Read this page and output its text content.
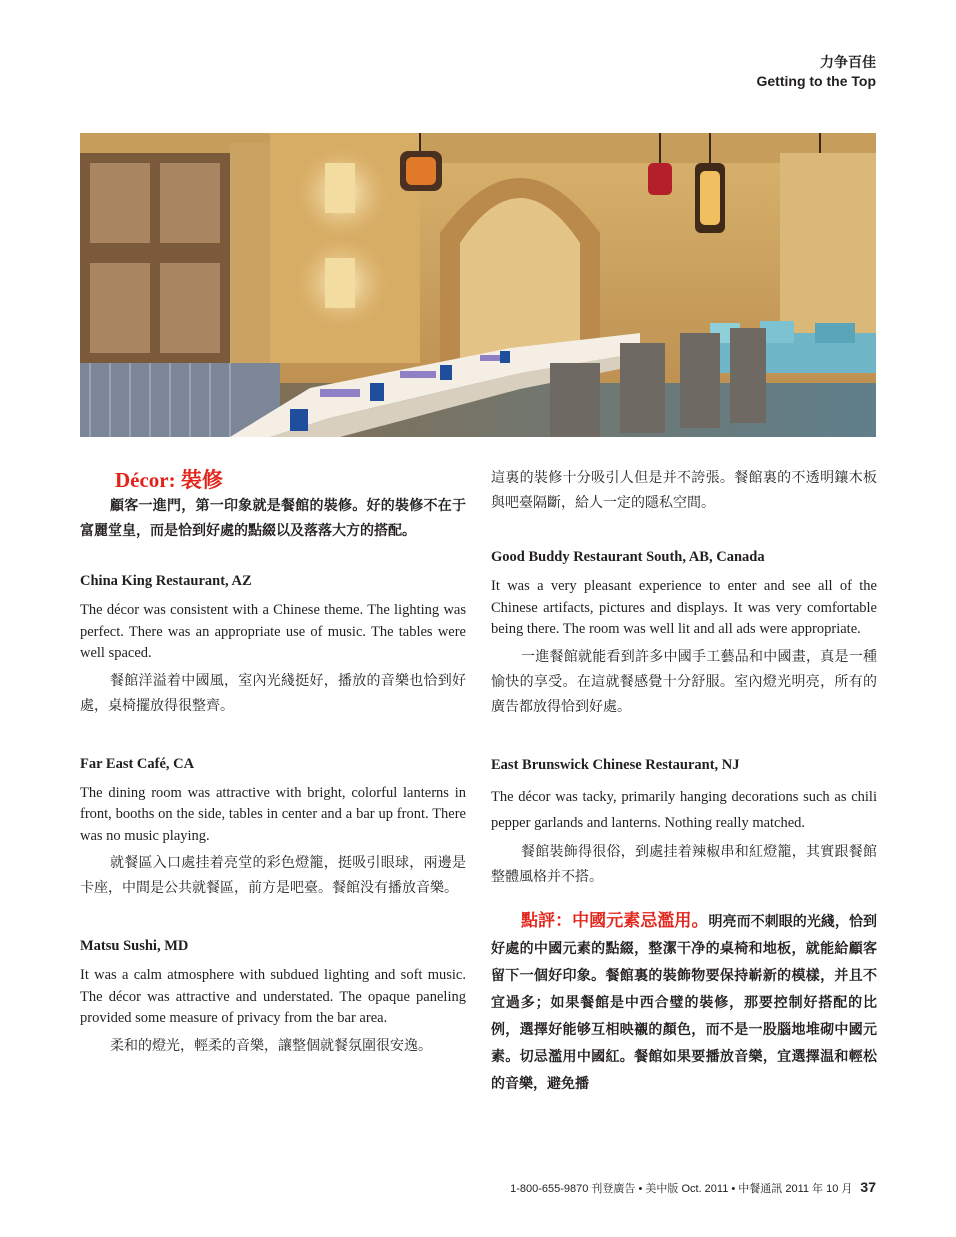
力争百佳
Getting to the Top
Décor: 裝修

顧客一進門，第一印象就是餐館的裝修。好的裝修不在于富麗堂皇，而是恰到好處的點綴以及落落大方的搭配。

China King Restaurant, AZ

The décor was consistent with a Chinese theme. The lighting was perfect. There was an appropriate use of music. The tables were well spaced.

餐館洋溢着中國風，室內光綫挺好，播放的音樂也恰到好處，桌椅擺放得很整齊。

Far East Café, CA

The dining room was attractive with bright, colorful lanterns in front, booths on the side, tables in center and a bar up front. There was no music playing.

就餐區入口處挂着亮堂的彩色燈籠，挺吸引眼球，兩邊是卡座，中間是公共就餐區，前方是吧臺。餐館没有播放音樂。

Matsu Sushi, MD

It was a calm atmosphere with subdued lighting and soft music. The décor was attractive and understated. The opaque paneling provided some measure of privacy from the bar area.

柔和的燈光，輕柔的音樂，讓整個就餐氛圍很安逸。

這裏的裝修十分吸引人但是并不誇張。餐館裏的不透明鑲木板與吧臺隔斷，給人一定的隱私空間。

Good Buddy Restaurant South, AB, Canada

It was a very pleasant experience to enter and see all of the Chinese artifacts, pictures and displays. It was very comfortable being there. The room was well lit and all ads were appropriate.

一進餐館就能看到許多中國手工藝品和中國畫，真是一種愉快的享受。在這就餐感覺十分舒服。室內燈光明亮，所有的廣告都放得恰到好處。

East Brunswick Chinese Restaurant, NJ

The décor was tacky, primarily hanging decorations such as chili pepper garlands and lanterns. Nothing really matched.

餐館裝飾得很俗，到處挂着辣椒串和紅燈籠，其實跟餐館整體風格并不搭。

點評：中國元素忌濫用。明亮而不刺眼的光綫，恰到好處的中國元素的點綴，整潔干净的桌椅和地板，就能給顧客留下一個好印象。餐館裏的裝飾物要保持嶄新的模樣，并且不宜過多；如果餐館是中西合璧的裝修，那要控制好搭配的比例，選擇好能够互相映襯的顏色，而不是一股腦地堆砌中國元素。切忌濫用中國紅。餐館如果要播放音樂，宜選擇温和輕松的音樂，避免播

1-800-655-9870 刊登廣告 • 美中版 Oct. 2011 • 中餐通訊 2011 年 10 月 37
